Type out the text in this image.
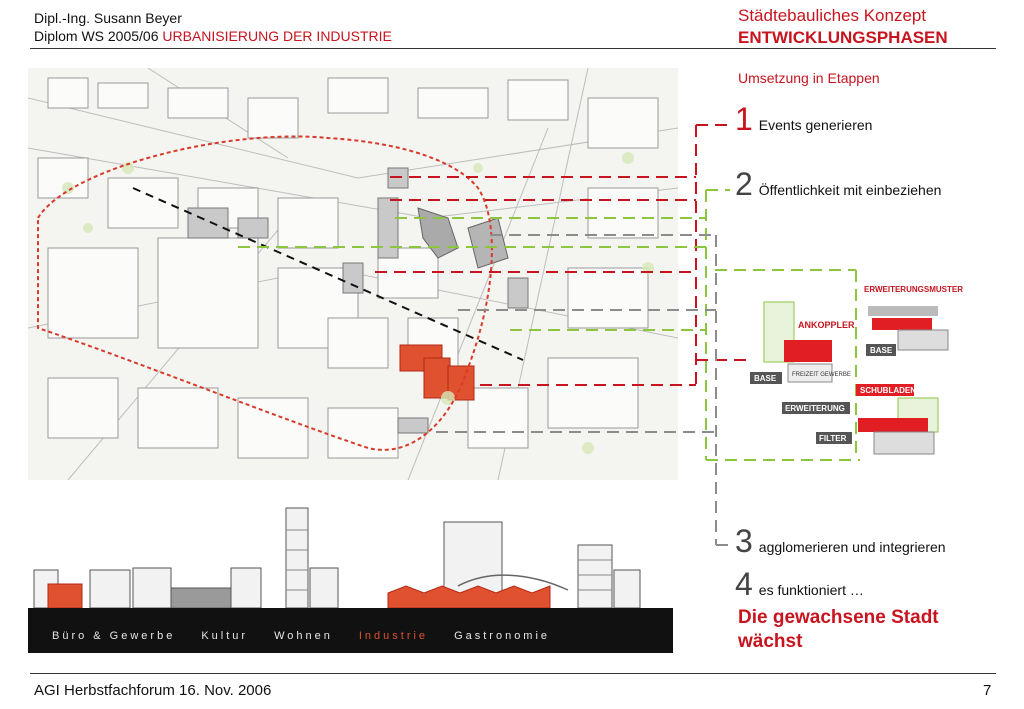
Dipl.-Ing. Susann Beyer
Diplom WS 2005/06 URBANISIERUNG DER INDUSTRIE
Städtebauliches Konzept
ENTWICKLUNGSPHASEN
Umsetzung in Etappen
1 Events generieren
2 Öffentlichkeit mit einbeziehen
ANKOPPLER
BASE	FREIZEIT GEWERBE
ERWEITERUNGSMUSTER
BASE
SCHUBLADEN
ERWEITERUNG
FILTER
3 agglomerieren und integrieren
4 es funktioniert …
Die gewachsene Stadt wächst
Büro & Gewerbe Kultur Wohnen Industrie Gastronomie
AGI Herbstfachforum 16. Nov. 2006	7
